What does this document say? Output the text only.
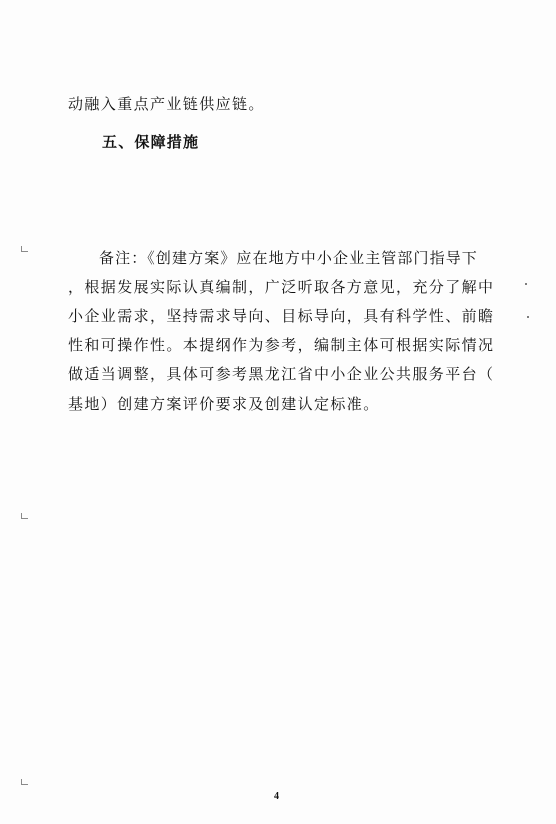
动融入重点产业链供应链。
五、保障措施
备注：《创建方案》应在地方中小企业主管部门指导下
，根据发展实际认真编制，广泛听取各方意见，充分了解中
小企业需求，坚持需求导向、目标导向，具有科学性、前瞻
性和可操作性。本提纲作为参考，编制主体可根据实际情况
做适当调整，具体可参考黑龙江省中小企业公共服务平台（
基地）创建方案评价要求及创建认定标准。
4
